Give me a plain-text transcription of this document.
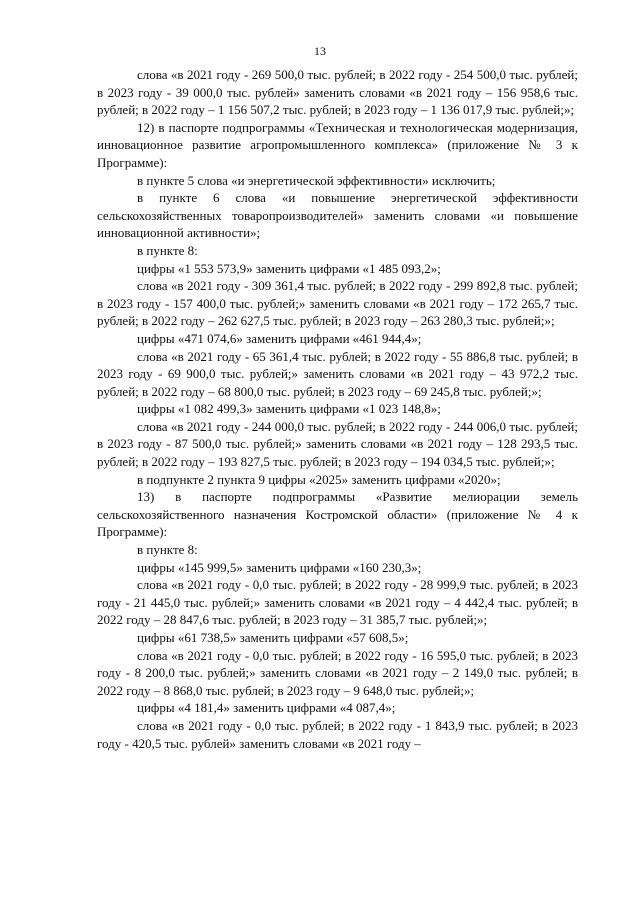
13

слова «в 2021 году - 269 500,0 тыс. рублей; в 2022 году - 254 500,0 тыс. рублей; в 2023 году - 39 000,0 тыс. рублей» заменить словами «в 2021 году – 156 958,6 тыс. рублей; в 2022 году – 1 156 507,2 тыс. рублей; в 2023 году – 1 136 017,9 тыс. рублей;»;

12) в паспорте подпрограммы «Техническая и технологическая модернизация, инновационное развитие агропромышленного комплекса» (приложение № 3 к Программе):

в пункте 5 слова «и энергетической эффективности» исключить;

в пункте 6 слова «и повышение энергетической эффективности сельскохозяйственных товаропроизводителей» заменить словами «и повышение инновационной активности»;

в пункте 8:

цифры «1 553 573,9» заменить цифрами «1 485 093,2»;

слова «в 2021 году - 309 361,4 тыс. рублей; в 2022 году - 299 892,8 тыс. рублей; в 2023 году - 157 400,0 тыс. рублей;» заменить словами «в 2021 году – 172 265,7 тыс. рублей; в 2022 году – 262 627,5 тыс. рублей; в 2023 году – 263 280,3 тыс. рублей;»;

цифры «471 074,6» заменить цифрами «461 944,4»;

слова «в 2021 году - 65 361,4 тыс. рублей; в 2022 году - 55 886,8 тыс. рублей; в 2023 году - 69 900,0 тыс. рублей;» заменить словами «в 2021 году – 43 972,2 тыс. рублей; в 2022 году – 68 800,0 тыс. рублей; в 2023 году – 69 245,8 тыс. рублей;»;

цифры «1 082 499,3» заменить цифрами «1 023 148,8»;

слова «в 2021 году - 244 000,0 тыс. рублей; в 2022 году - 244 006,0 тыс. рублей; в 2023 году - 87 500,0 тыс. рублей;» заменить словами «в 2021 году – 128 293,5 тыс. рублей; в 2022 году – 193 827,5 тыс. рублей; в 2023 году – 194 034,5 тыс. рублей;»;

в подпункте 2 пункта 9 цифры «2025» заменить цифрами «2020»;

13) в паспорте подпрограммы «Развитие мелиорации земель сельскохозяйственного назначения Костромской области» (приложение № 4 к Программе):

в пункте 8:

цифры «145 999,5» заменить цифрами «160 230,3»;

слова «в 2021 году - 0,0 тыс. рублей; в 2022 году - 28 999,9 тыс. рублей; в 2023 году - 21 445,0 тыс. рублей;» заменить словами «в 2021 году – 4 442,4 тыс. рублей; в 2022 году – 28 847,6 тыс. рублей; в 2023 году – 31 385,7 тыс. рублей;»;

цифры «61 738,5» заменить цифрами «57 608,5»;

слова «в 2021 году - 0,0 тыс. рублей; в 2022 году - 16 595,0 тыс. рублей; в 2023 году - 8 200,0 тыс. рублей;» заменить словами «в 2021 году – 2 149,0 тыс. рублей; в 2022 году – 8 868,0 тыс. рублей; в 2023 году – 9 648,0 тыс. рублей;»;

цифры «4 181,4» заменить цифрами «4 087,4»;

слова «в 2021 году - 0,0 тыс. рублей; в 2022 году - 1 843,9 тыс. рублей; в 2023 году - 420,5 тыс. рублей» заменить словами «в 2021 году –
